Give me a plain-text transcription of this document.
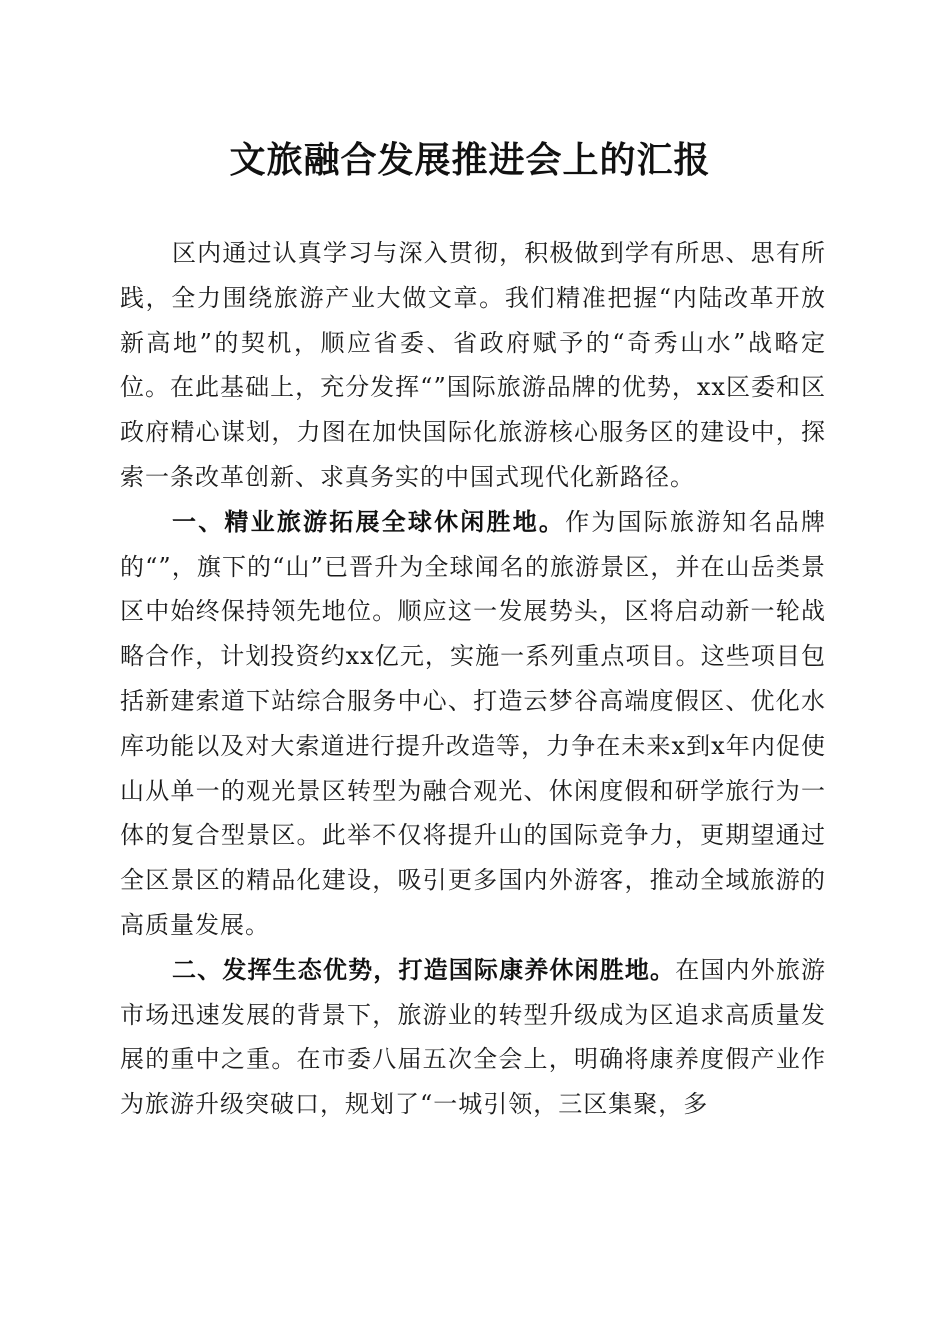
文旅融合发展推进会上的汇报

区内通过认真学习与深入贯彻，积极做到学有所思、思有所践，全力围绕旅游产业大做文章。我们精准把握“内陆改革开放新高地”的契机，顺应省委、省政府赋予的“奇秀山水”战略定位。在此基础上，充分发挥“”国际旅游品牌的优势，xx区委和区政府精心谋划，力图在加快国际化旅游核心服务区的建设中，探索一条改革创新、求真务实的中国式现代化新路径。

一、精业旅游拓展全球休闲胜地。作为国际旅游知名品牌的“”，旗下的“山”已晋升为全球闻名的旅游景区，并在山岳类景区中始终保持领先地位。顺应这一发展势头，区将启动新一轮战略合作，计划投资约xx亿元，实施一系列重点项目。这些项目包括新建索道下站综合服务中心、打造云梦谷高端度假区、优化水库功能以及对大索道进行提升改造等，力争在未来x到x年内促使山从单一的观光景区转型为融合观光、休闲度假和研学旅行为一体的复合型景区。此举不仅将提升山的国际竞争力，更期望通过全区景区的精品化建设，吸引更多国内外游客，推动全域旅游的高质量发展。

二、发挥生态优势，打造国际康养休闲胜地。在国内外旅游市场迅速发展的背景下，旅游业的转型升级成为区追求高质量发展的重中之重。在市委八届五次全会上，明确将康养度假产业作为旅游升级突破口，规划了“一城引领，三区集聚，多
